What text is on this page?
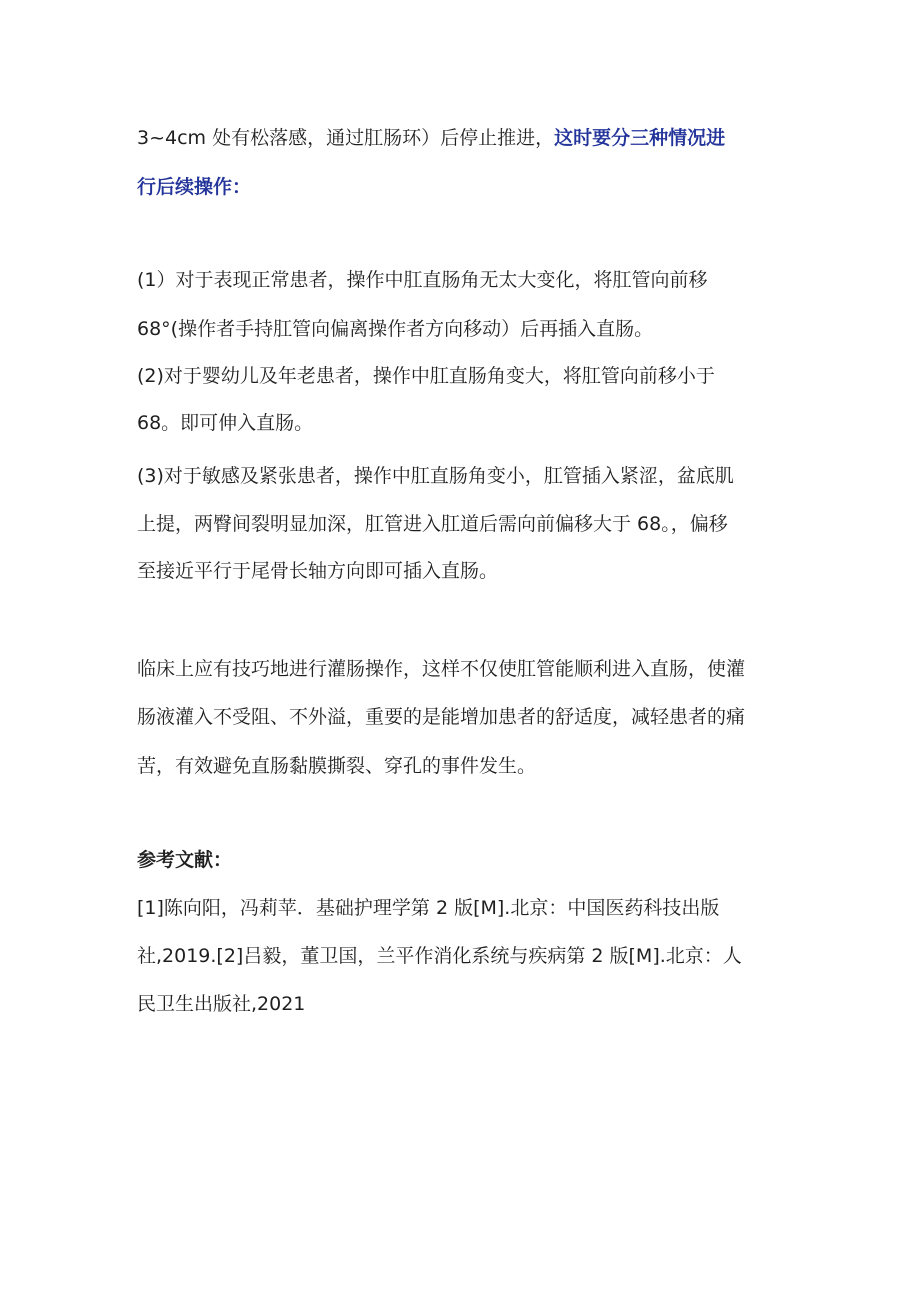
3~4cm 处有松落感，通过肛肠环）后停止推进，这时要分三种情况进
行后续操作：
(1）对于表现正常患者，操作中肛直肠角无太大变化，将肛管向前移
68°(操作者手持肛管向偏离操作者方向移动）后再插入直肠。
(2)对于婴幼儿及年老患者，操作中肛直肠角变大，将肛管向前移小于
68。即可伸入直肠。
(3)对于敏感及紧张患者，操作中肛直肠角变小，肛管插入紧涩，盆底肌
上提，两臀间裂明显加深，肛管进入肛道后需向前偏移大于 68。，偏移
至接近平行于尾骨长轴方向即可插入直肠。
临床上应有技巧地进行灌肠操作，这样不仅使肛管能顺利进入直肠，使灌
肠液灌入不受阻、不外溢，重要的是能增加患者的舒适度，减轻患者的痛
苦，有效避免直肠黏膜撕裂、穿孔的事件发生。
参考文献：
[1]陈向阳，冯莉苹．基础护理学第 2 版[M].北京：中国医药科技出版
社,2019.[2]吕毅，董卫国，兰平作消化系统与疾病第 2 版[M].北京：人
民卫生出版社,2021
